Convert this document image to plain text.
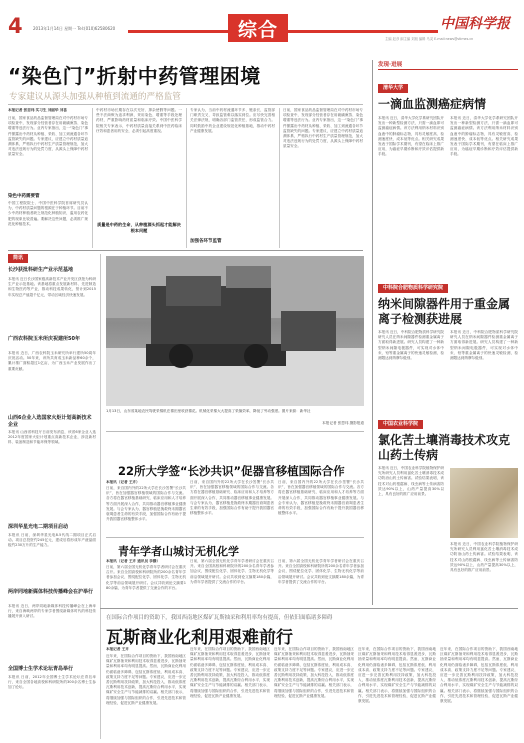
4	2013年1月14日 星期一 Tel:(010)62580620	综合	中国科学报
主编 赵彦 副主编 刘旭 编辑 马灵 E-mail:news@stimes.cn
“染色门”折射中药管理困境
专家建议从源头加强从种植到流通的严格监管
本报记者 张思玮 实习生 刘丽华 刘喜
日前，国家食品药品监督管理局在对中药材市场专项检查中，发现部分经营者存在用硫磺熏蒸、染色增重等违法行为。业内专家指出，这一“染色门”事件暴露出中药材从种植、采收、加工到流通各环节监管缺失的问题。专家建议，应建立中药材质量追溯体系，严格执行中药材生产质量管理规范，加大对违法违规行为的处罚力度，从源头上保障中药材质量安全。
染色中药需要管
中国工程院院士、中国中医科学院首席研究员认为，中药材质量问题的根源在于种植环节。目前不少中药材种植者缺乏规范化种植知识，滥用农药化肥的现象比较普遍。要解决这些问题，必须推广规范化种植技术。
中药材市场长期存在以次充好、掺杂使假等问题。一些不法商贩为追求利润，采用染色、增重等手段处理药材，严重影响药材质量和临床疗效。中国中医科学院相关专家表示，中药材质量直接关系到中医药临床疗效和患者用药安全，必须引起高度重视。
质量是中药的生命，从种植源头抓起才能解决根本问题
专家认为，当前中药材流通环节多、链条长，监管部门职责交叉，导致监管难以落实到位。应尽快完善相关法律法规，明确各部门监管责任，形成监管合力。同时鼓励中药企业建设规范化种植基地，推动中药材产业健康发展。
加强各环节监管
日前，国家食品药品监督管理局在对中药材市场专项检查中，发现部分经营者存在用硫磺熏蒸、染色增重等违法行为。业内专家指出，这一“染色门”事件暴露出中药材从种植、采收、加工到流通各环节监管缺失的问题。专家建议，应建立中药材质量追溯体系，严格执行中药材生产质量管理规范，加大对违法违规行为的处罚力度，从源头上保障中药材质量安全。
简讯
长沙获批科研生产业示范基地
本报讯 近日长沙国家级高新技术产业开发区获批为科研生产业示范基地。该基地将重点发展新材料、先进制造和生物医药等产业，推动科技成果转化，预计到2015年实现总产值超千亿元，带动区域经济快速发展。
广西农科院玉米所庆祝建所50年
本报讯 近日，广西农科院玉米研究所举行建所50周年庆祝活动。50年来，该所共育成玉米新品种60余个，累计推广面积超过1亿亩，为广西玉米产业发展作出了重要贡献。
山西6企业入选国家火炬计划高新技术企业
本报讯 山西省科技厅日前发布消息，该省6家企业入选2012年度国家火炬计划重点高新技术企业，涉及新材料、装备制造和节能环保等领域。
深圳华星光电二期项目启动
本报讯 日前，深圳华星光电8.5代线二期项目正式启动。项目总投资约245亿元，建成后将形成年产液晶面板约230万片的生产能力。
两岸同地新媒体科技传播峰会在沪举行
本报讯 近日，两岸同地新媒体科技传播峰会在上海举行，来自海峡两岸的专家学者围绕新媒体时代的科技传播展开深入研讨。
全国博士生学术论坛青岛举行
本报讯 日前，2012年全国博士生学术论坛在青岛举行，来自全国各地高校和科研院所的300余名博士生参加了论坛。
1月13日，山东省某地农民驾驶采棉机在棉田里收获棉花。机械化采棉大大提高了采摘效率，降低了劳动强度。图片来源：新华社
本报记者 张思玮 摄影报道
22所大学签“长沙共识”促器官移植国际合作
本报讯（记者 王卉）
日前，来自国内外的22所大学在长沙签署“长沙共识”，旨在加强器官移植领域的国际合作与交流。各方将在器官移植基础研究、临床应用和人才培养等方面开展深入合作，共同推动器官移植事业健康发展。与会专家认为，器官移植是挽救终末期器官衰竭患者生命的有效手段，加强国际合作有助于提升我国器官移植整体水平。
日前，来自国内外的22所大学在长沙签署“长沙共识”，旨在加强器官移植领域的国际合作与交流。各方将在器官移植基础研究、临床应用和人才培养等方面开展深入合作，共同推动器官移植事业健康发展。与会专家认为，器官移植是挽救终末期器官衰竭患者生命的有效手段，加强国际合作有助于提升我国器官移植整体水平。
日前，来自国内外的22所大学在长沙签署“长沙共识”，旨在加强器官移植领域的国际合作与交流。各方将在器官移植基础研究、临床应用和人才培养等方面开展深入合作，共同推动器官移植事业健康发展。与会专家认为，器官移植是挽救终末期器官衰竭患者生命的有效手段，加强国际合作有助于提升我国器官移植整体水平。
青年学者山城讨无机化学
本报讯（记者 王卉 通讯员 李静）
日前，第六届全国无机化学青年学者研讨会在重庆召开。来自全国高校和科研院所的200余名青年学者参加会议，围绕配位化学、固体化学、生物无机化学等前沿领域展开研讨。会议共收到论文摘要180余篇，为青年学者提供了交流合作的平台。
日前，第六届全国无机化学青年学者研讨会在重庆召开。来自全国高校和科研院所的200余名青年学者参加会议，围绕配位化学、固体化学、生物无机化学等前沿领域展开研讨。会议共收到论文摘要180余篇，为青年学者提供了交流合作的平台。
日前，第六届全国无机化学青年学者研讨会在重庆召开。来自全国高校和科研院所的200余名青年学者参加会议，围绕配位化学、固体化学、生物无机化学等前沿领域展开研讨。会议共收到论文摘要180余篇，为青年学者提供了交流合作的平台。
发现·进展
清华大学
一滴血监测癌症病情
本报讯 近日，清华大学化学系研究团队开发出一种新型检测方法，只需一滴血即可监测癌症病情。该方法利用纳米材料识别血液中的肿瘤标志物，具有灵敏度高、检测速度快、成本低等优点。相关研究成果发表于国际学术期刊，有望在临床上推广应用，为癌症早期诊断和疗效评估提供新手段。
本报讯 近日，清华大学化学系研究团队开发出一种新型检测方法，只需一滴血即可监测癌症病情。该方法利用纳米材料识别血液中的肿瘤标志物，具有灵敏度高、检测速度快、成本低等优点。相关研究成果发表于国际学术期刊，有望在临床上推广应用，为癌症早期诊断和疗效评估提供新手段。
中科院合肥物质科学研究院
纳米间隙器件用于重金属离子检测获进展
本报讯 近日，中科院合肥物质科学研究院研究人员在纳米间隙器件检测重金属离子方面取得新进展。研究人员构建了一种新型纳米间隙电极器件，可实现对水体中汞、铅等重金属离子的快速灵敏检测，检测限达到纳摩尔级别。
本报讯 近日，中科院合肥物质科学研究院研究人员在纳米间隙器件检测重金属离子方面取得新进展。研究人员构建了一种新型纳米间隙电极器件，可实现对水体中汞、铅等重金属离子的快速灵敏检测，检测限达到纳摩尔级别。
中国农业科学院
氯化苦土壤消毒技术攻克山药土传病
本报讯 近日，中国农业科学院植物保护研究所研究人员利用氯化苦土壤消毒技术成功防治山药土传病害。试验结果表明，该技术对山药根腐病、线虫病等土传病害防效达90%以上，山药产量提高30%以上，具有良好的推广应用前景。
本报讯 近日，中国农业科学院植物保护研究所研究人员利用氯化苦土壤消毒技术成功防治山药土传病害。试验结果表明，该技术对山药根腐病、线虫病等土传病害防效达90%以上，山药产量提高30%以上，具有良好的推广应用前景。
在国际合作项目的资助下，我国西南地区煤矿瓦斯抽采和利用率均有提高，但依旧面临诸多障碍
瓦斯商业化利用艰难前行
本报记者 王卉
近年来，在国际合作项目的资助下，我国西南地区煤矿瓦斯抽采和利用技术取得显著进步，瓦斯抽采量和利用率均有明显提高。然而，瓦斯商业化利用仍面临诸多障碍，包括瓦斯浓度低、利用成本高、政策支持力度不足等问题。专家建议，应进一步完善瓦斯利用扶持政策，加大科技投入，推动低浓度瓦斯利用技术创新，提高瓦斯综合利用水平，实现煤矿安全生产与节能减排的双赢。相关部门表示，将继续加强与国际组织的合作，引进先进技术和管理经验，促进瓦斯产业健康发展。
近年来，在国际合作项目的资助下，我国西南地区煤矿瓦斯抽采和利用技术取得显著进步，瓦斯抽采量和利用率均有明显提高。然而，瓦斯商业化利用仍面临诸多障碍，包括瓦斯浓度低、利用成本高、政策支持力度不足等问题。专家建议，应进一步完善瓦斯利用扶持政策，加大科技投入，推动低浓度瓦斯利用技术创新，提高瓦斯综合利用水平，实现煤矿安全生产与节能减排的双赢。相关部门表示，将继续加强与国际组织的合作，引进先进技术和管理经验，促进瓦斯产业健康发展。
近年来，在国际合作项目的资助下，我国西南地区煤矿瓦斯抽采和利用技术取得显著进步，瓦斯抽采量和利用率均有明显提高。然而，瓦斯商业化利用仍面临诸多障碍，包括瓦斯浓度低、利用成本高、政策支持力度不足等问题。专家建议，应进一步完善瓦斯利用扶持政策，加大科技投入，推动低浓度瓦斯利用技术创新，提高瓦斯综合利用水平，实现煤矿安全生产与节能减排的双赢。相关部门表示，将继续加强与国际组织的合作，引进先进技术和管理经验，促进瓦斯产业健康发展。
近年来，在国际合作项目的资助下，我国西南地区煤矿瓦斯抽采和利用技术取得显著进步，瓦斯抽采量和利用率均有明显提高。然而，瓦斯商业化利用仍面临诸多障碍，包括瓦斯浓度低、利用成本高、政策支持力度不足等问题。专家建议，应进一步完善瓦斯利用扶持政策，加大科技投入，推动低浓度瓦斯利用技术创新，提高瓦斯综合利用水平，实现煤矿安全生产与节能减排的双赢。相关部门表示，将继续加强与国际组织的合作，引进先进技术和管理经验，促进瓦斯产业健康发展。
近年来，在国际合作项目的资助下，我国西南地区煤矿瓦斯抽采和利用技术取得显著进步，瓦斯抽采量和利用率均有明显提高。然而，瓦斯商业化利用仍面临诸多障碍，包括瓦斯浓度低、利用成本高、政策支持力度不足等问题。专家建议，应进一步完善瓦斯利用扶持政策，加大科技投入，推动低浓度瓦斯利用技术创新，提高瓦斯综合利用水平，实现煤矿安全生产与节能减排的双赢。相关部门表示，将继续加强与国际组织的合作，引进先进技术和管理经验，促进瓦斯产业健康发展。
